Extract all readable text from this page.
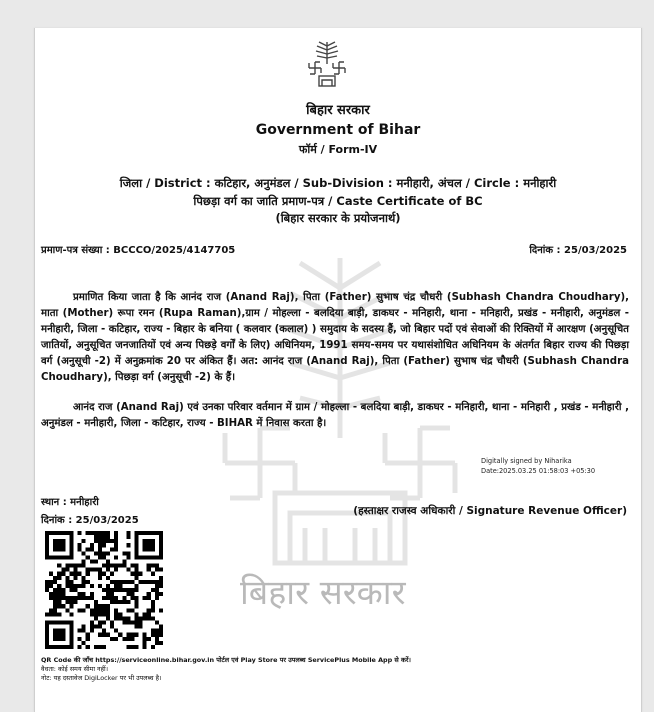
बिहार सरकार
Government of Bihar
फॉर्म / Form-IV
जिला / District : कटिहार, अनुमंडल / Sub-Division : मनीहारी, अंचल / Circle : मनीहारी
पिछड़ा वर्ग का जाति प्रमाण-पत्र / Caste Certificate of BC
(बिहार सरकार के प्रयोजनार्थ)
प्रमाण-पत्र संख्या : BCCCO/2025/4147705	दिनांक : 25/03/2025
बिहार सरकार

प्रमाणित किया जाता है कि आनंद राज (Anand Raj), पिता (Father) सुभाष चंद्र चौधरी (Subhash Chandra Choudhary), माता (Mother) रूपा रमन (Rupa Raman),ग्राम / मोहल्ला - बलदिया बाड़ी, डाकघर - मनिहारी, थाना - मनिहारी, प्रखंड - मनीहारी, अनुमंडल - मनीहारी, जिला - कटिहार, राज्य - बिहार के बनिया ( कलवार (कलाल) ) समुदाय के सदस्य हैं, जो बिहार पदों एवं सेवाओं की रिक्तियों में आरक्षण (अनुसूचित जातियों, अनुसूचित जनजातियों एवं अन्य पिछड़े वर्गों के लिए) अधिनियम, 1991 समय-समय पर यथासंशोधित अधिनियम के अंतर्गत बिहार राज्य की पिछड़ा वर्ग (अनुसूची -2) में अनुक्रमांक 20 पर अंकित हैं। अत: आनंद राज (Anand Raj), पिता (Father) सुभाष चंद्र चौधरी (Subhash Chandra Choudhary), पिछड़ा वर्ग (अनुसूची -2) के हैं।

आनंद राज (Anand Raj) एवं उनका परिवार वर्तमान में ग्राम / मोहल्ला - बलदिया बाड़ी, डाकघर - मनिहारी, थाना - मनिहारी , प्रखंड - मनीहारी , अनुमंडल - मनीहारी, जिला - कटिहार, राज्य - BIHAR में निवास करता है।

Digitally signed by Niharika
Date:2025.03.25 01:58:03 +05:30
स्थान : मनीहारी
दिनांक : 25/03/2025
(हस्ताक्षर राजस्व अधिकारी / Signature Revenue Officer)
QR Code की जाँच https://serviceonline.bihar.gov.in पोर्टल एवं Play Store पर उपलब्ध ServicePlus Mobile App से करें।
वैधता: कोई समय सीमा नहीं।
नोट: यह दस्तावेज DigiLocker पर भी उपलब्ध है।
